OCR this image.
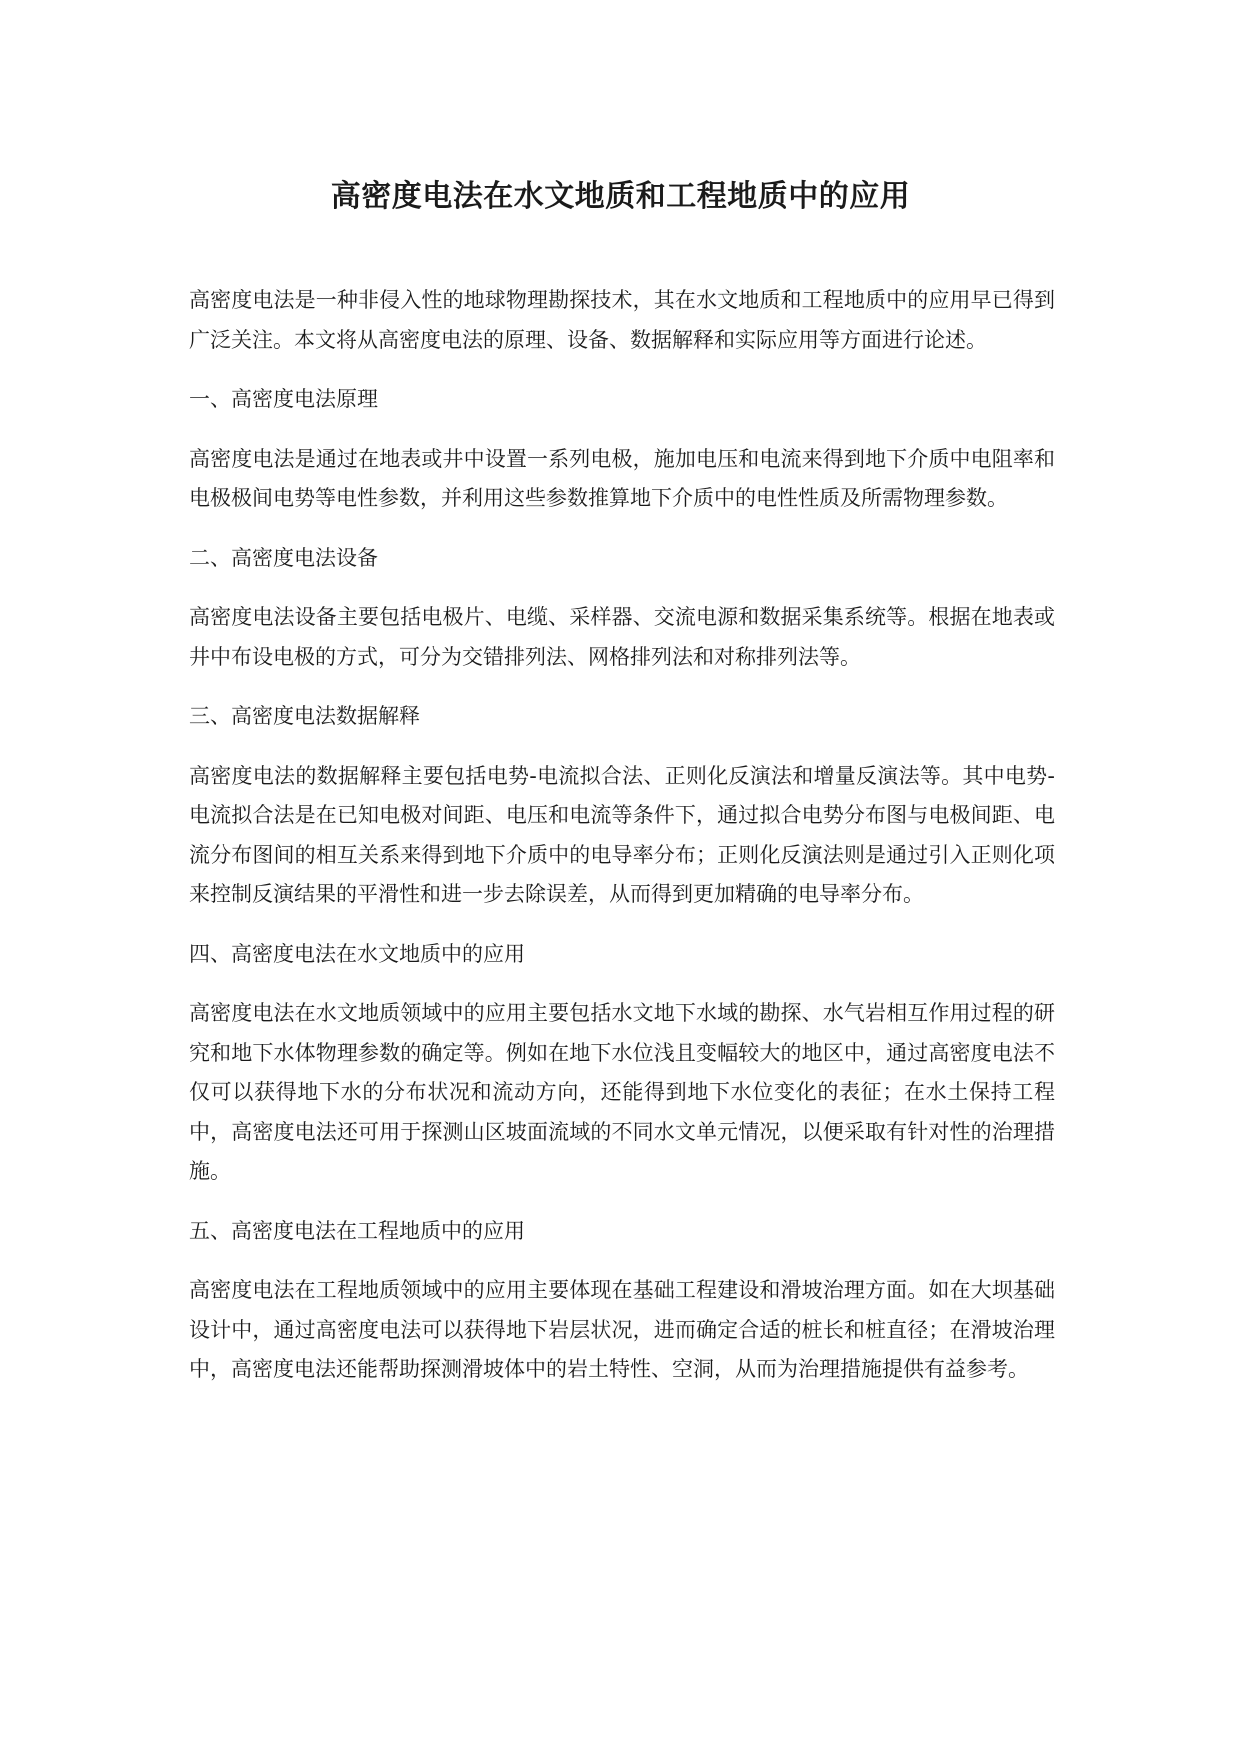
高密度电法在水文地质和工程地质中的应用

高密度电法是一种非侵入性的地球物理勘探技术，其在水文地质和工程地质中的应用早已得到广泛关注。本文将从高密度电法的原理、设备、数据解释和实际应用等方面进行论述。

一、高密度电法原理

高密度电法是通过在地表或井中设置一系列电极，施加电压和电流来得到地下介质中电阻率和电极极间电势等电性参数，并利用这些参数推算地下介质中的电性性质及所需物理参数。

二、高密度电法设备

高密度电法设备主要包括电极片、电缆、采样器、交流电源和数据采集系统等。根据在地表或井中布设电极的方式，可分为交错排列法、网格排列法和对称排列法等。

三、高密度电法数据解释

高密度电法的数据解释主要包括电势-电流拟合法、正则化反演法和增量反演法等。其中电势-电流拟合法是在已知电极对间距、电压和电流等条件下，通过拟合电势分布图与电极间距、电流分布图间的相互关系来得到地下介质中的电导率分布；正则化反演法则是通过引入正则化项来控制反演结果的平滑性和进一步去除误差，从而得到更加精确的电导率分布。

四、高密度电法在水文地质中的应用

高密度电法在水文地质领域中的应用主要包括水文地下水域的勘探、水气岩相互作用过程的研究和地下水体物理参数的确定等。例如在地下水位浅且变幅较大的地区中，通过高密度电法不仅可以获得地下水的分布状况和流动方向，还能得到地下水位变化的表征；在水土保持工程中，高密度电法还可用于探测山区坡面流域的不同水文单元情况，以便采取有针对性的治理措施。

五、高密度电法在工程地质中的应用

高密度电法在工程地质领域中的应用主要体现在基础工程建设和滑坡治理方面。如在大坝基础设计中，通过高密度电法可以获得地下岩层状况，进而确定合适的桩长和桩直径；在滑坡治理中，高密度电法还能帮助探测滑坡体中的岩土特性、空洞，从而为治理措施提供有益参考。
